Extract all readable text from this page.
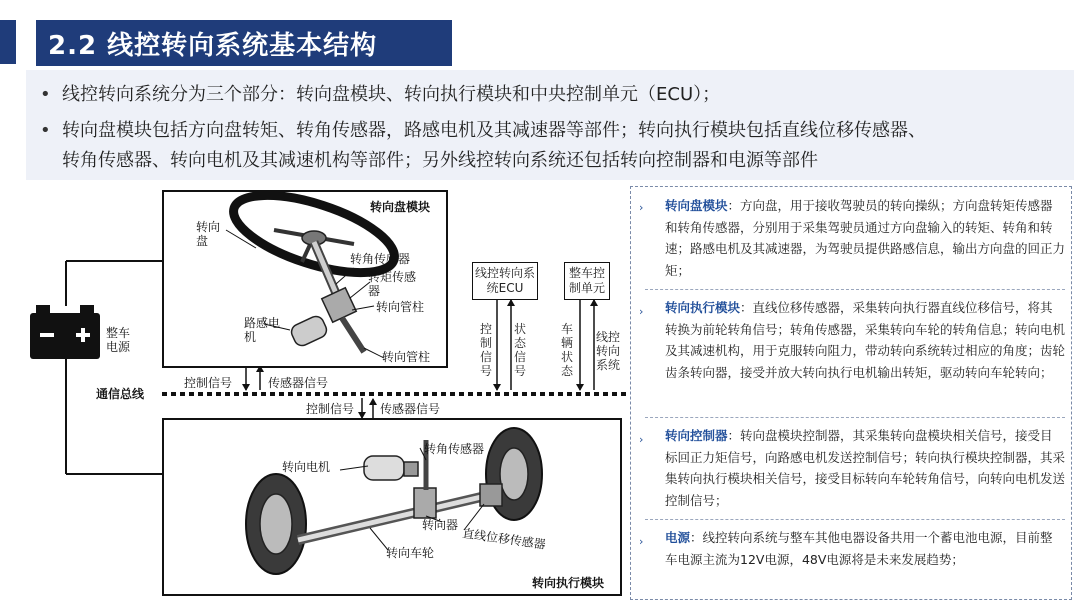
2.2 线控转向系统基本结构
• 线控转向系统分为三个部分：转向盘模块、转向执行模块和中央控制单元（ECU）；
• 转向盘模块包括方向盘转矩、转角传感器，路感电机及其减速器等部件；转向执行模块包括直线位移传感器、
转角传感器、转向电机及其减速机构等部件；另外线控转向系统还包括转向控制器和电源等部件
整车电源
通信总线
转向盘模块
转向盘
转角传感器
转矩传感器
转向管柱
路感电机
转向管柱
线控转向系统ECU
整车控制单元
控制信号
状态信号
车辆状态
线控转向系统
控制信号	传感器信号
控制信号 传感器信号
转向电机
转角传感器
转向器
直线位移传感器
转向车轮
转向执行模块
› 转向盘模块：方向盘，用于接收驾驶员的转向操纵；方向盘转矩传感器和转角传感器，分别用于采集驾驶员通过方向盘输入的转矩、转角和转速；路感电机及其减速器，为驾驶员提供路感信息，输出方向盘的回正力矩；
› 转向执行模块：直线位移传感器，采集转向执行器直线位移信号，将其转换为前轮转角信号；转角传感器，采集转向车轮的转角信息；转向电机及其减速机构，用于克服转向阻力，带动转向系统转过相应的角度；齿轮齿条转向器，接受并放大转向执行电机输出转矩，驱动转向车轮转向；
› 转向控制器：转向盘模块控制器，其采集转向盘模块相关信号，接受目标回正力矩信号，向路感电机发送控制信号；转向执行模块控制器，其采集转向执行模块相关信号，接受目标转向车轮转角信号，向转向电机发送控制信号；
› 电源：线控转向系统与整车其他电器设备共用一个蓄电池电源，目前整车电源主流为12V电源，48V电源将是未来发展趋势；
